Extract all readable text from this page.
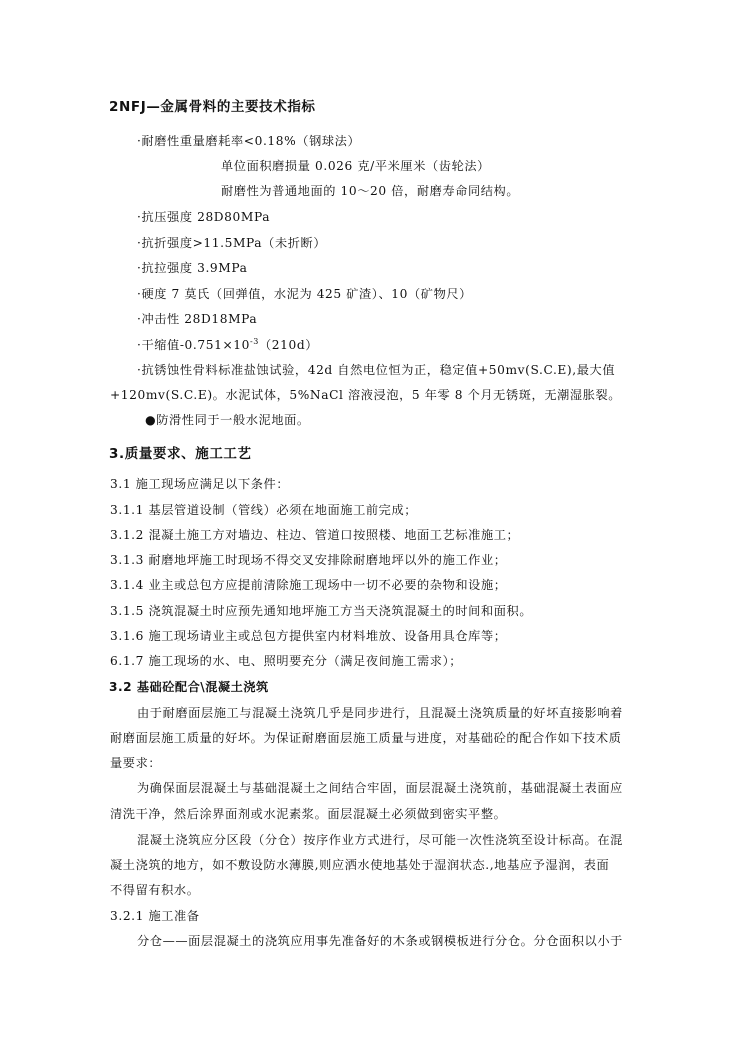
2NFJ—金属骨料的主要技术指标
·耐磨性重量磨耗率<0.18%（钢球法）
单位面积磨损量 0.026 克/平米厘米（齿轮法）
耐磨性为普通地面的 10～20 倍，耐磨寿命同结构。
·抗压强度 28D80MPa
·抗折强度>11.5MPa（未折断）
·抗拉强度 3.9MPa
·硬度 7 莫氏（回弹值，水泥为 425 矿渣）、10（矿物尺）
·冲击性 28D18MPa
·干缩值$-0.751\times 10^{-3}(210d)$
·抗锈蚀性骨料标准盐蚀试验，42d 自然电位恒为正，稳定值+50mv(S.C.E),最大值
+120mv(S.C.E)。水泥试体，5%NaCl 溶液浸泡，5 年零 8 个月无锈斑，无潮湿胀裂。
●防滑性同于一般水泥地面。
3.质量要求、施工工艺
3.1 施工现场应满足以下条件：
3.1.1 基层管道设制（管线）必须在地面施工前完成；
3.1.2 混凝土施工方对墙边、柱边、管道口按照楼、地面工艺标准施工；
3.1.3 耐磨地坪施工时现场不得交叉安排除耐磨地坪以外的施工作业；
3.1.4 业主或总包方应提前清除施工现场中一切不必要的杂物和设施；
3.1.5 浇筑混凝土时应预先通知地坪施工方当天浇筑混凝土的时间和面积。
3.1.6 施工现场请业主或总包方提供室内材料堆放、设备用具仓库等；
6.1.7 施工现场的水、电、照明要充分（满足夜间施工需求）；
3.2 基础砼配合\混凝土浇筑
由于耐磨面层施工与混凝土浇筑几乎是同步进行，且混凝土浇筑质量的好坏直接影响着
耐磨面层施工质量的好坏。为保证耐磨面层施工质量与进度，对基础砼的配合作如下技术质
量要求：
为确保面层混凝土与基础混凝土之间结合牢固，面层混凝土浇筑前，基础混凝土表面应
清洗干净，然后涂界面剂或水泥素浆。面层混凝土必须做到密实平整。
混凝土浇筑应分区段（分仓）按序作业方式进行，尽可能一次性浇筑至设计标高。在混
凝土浇筑的地方，如不敷设防水薄膜,则应洒水使地基处于湿润状态.,地基应予湿润，表面
不得留有积水。
3.2.1 施工准备
分仓——面层混凝土的浇筑应用事先准备好的木条或钢模板进行分仓。分仓面积以小于
